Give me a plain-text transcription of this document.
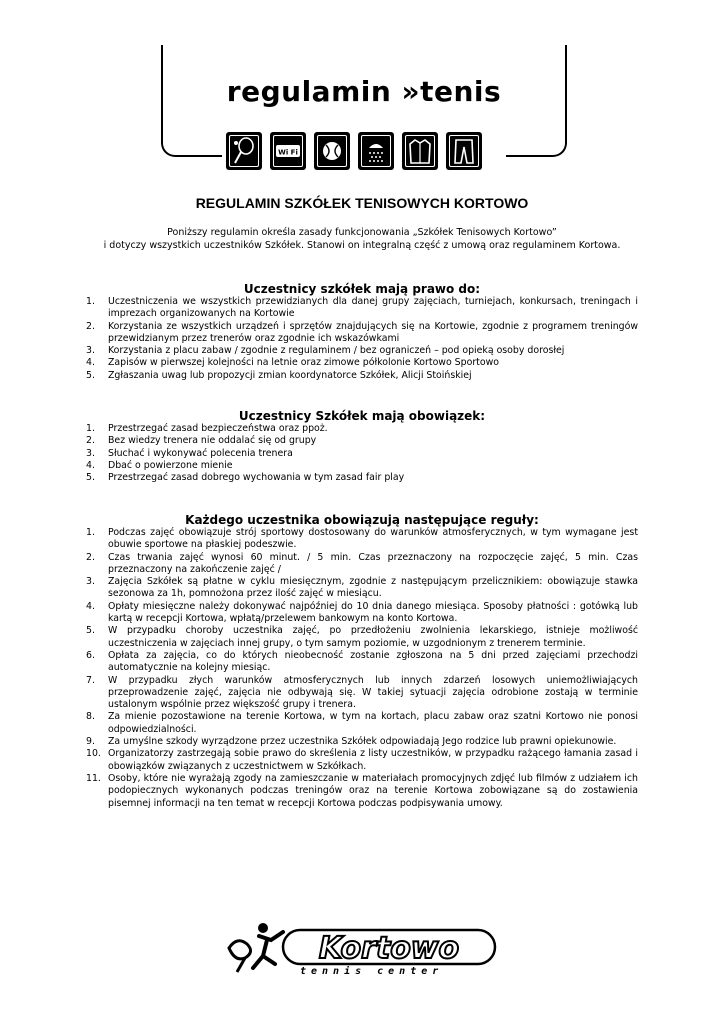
regulamin »tenis
Wi Fi
REGULAMIN SZKÓŁEK TENISOWYCH KORTOWO
Poniższy regulamin określa zasady funkcjonowania „Szkółek Tenisowych Kortowo”
i dotyczy wszystkich uczestników Szkółek. Stanowi on integralną część z umową oraz regulaminem Kortowa.
Uczestnicy szkółek mają prawo do:
1. Uczestniczenia we wszystkich przewidzianych dla danej grupy zajęciach, turniejach, konkursach, treningach i imprezach organizowanych na Kortowie
2. Korzystania ze wszystkich urządzeń i sprzętów znajdujących się na Kortowie, zgodnie z programem treningów przewidzianym przez trenerów oraz zgodnie ich wskazówkami
3. Korzystania z placu zabaw / zgodnie z regulaminem / bez ograniczeń – pod opieką osoby dorosłej
4. Zapisów w pierwszej kolejności na letnie oraz zimowe półkolonie Kortowo Sportowo
5. Zgłaszania uwag lub propozycji zmian koordynatorce Szkółek, Alicji Stoińskiej
Uczestnicy Szkółek mają obowiązek:
1. Przestrzegać zasad bezpieczeństwa oraz ppoż.
2. Bez wiedzy trenera nie oddalać się od grupy
3. Słuchać i wykonywać polecenia trenera
4. Dbać o powierzone mienie
5. Przestrzegać zasad dobrego wychowania w tym zasad fair play
Każdego uczestnika obowiązują następujące reguły:
1. Podczas zajęć obowiązuje strój sportowy dostosowany do warunków atmosferycznych, w tym wymagane jest obuwie sportowe na płaskiej podeszwie.
2. Czas trwania zajęć wynosi 60 minut. / 5 min. Czas przeznaczony na rozpoczęcie zajęć, 5 min. Czas przeznaczony na zakończenie zajęć /
3. Zajęcia Szkółek są płatne w cyklu miesięcznym, zgodnie z następującym przelicznikiem: obowiązuje stawka sezonowa za 1h, pomnożona przez ilość zajęć w miesiącu.
4. Opłaty miesięczne należy dokonywać najpóźniej do 10 dnia danego miesiąca. Sposoby płatności : gotówką lub kartą w recepcji Kortowa, wpłatą/przelewem bankowym na konto Kortowa.
5. W przypadku choroby uczestnika zajęć, po przedłożeniu zwolnienia lekarskiego, istnieje możliwość uczestniczenia w zajęciach innej grupy, o tym samym poziomie, w uzgodnionym z trenerem terminie.
6. Opłata za zajęcia, co do których nieobecność zostanie zgłoszona na 5 dni przed zajęciami przechodzi automatycznie na kolejny miesiąc.
7. W przypadku złych warunków atmosferycznych lub innych zdarzeń losowych uniemożliwiających przeprowadzenie zajęć, zajęcia nie odbywają się. W takiej sytuacji zajęcia odrobione zostają w terminie ustalonym wspólnie przez większość grupy i trenera.
8. Za mienie pozostawione na terenie Kortowa, w tym na kortach, placu zabaw oraz szatni Kortowo nie ponosi odpowiedzialności.
9. Za umyślne szkody wyrządzone przez uczestnika Szkółek odpowiadają Jego rodzice lub prawni opiekunowie.
10. Organizatorzy zastrzegają sobie prawo do skreślenia z listy uczestników, w przypadku rażącego łamania zasad i obowiązków związanych z uczestnictwem w Szkółkach.
11. Osoby, które nie wyrażają zgody na zamieszczanie w materiałach promocyjnych zdjęć lub filmów z udziałem ich podopiecznych wykonanych podczas treningów oraz na terenie Kortowa zobowiązane są do zostawienia pisemnej informacji na ten temat w recepcji Kortowa podczas podpisywania umowy.
Kortowo
tennis center
